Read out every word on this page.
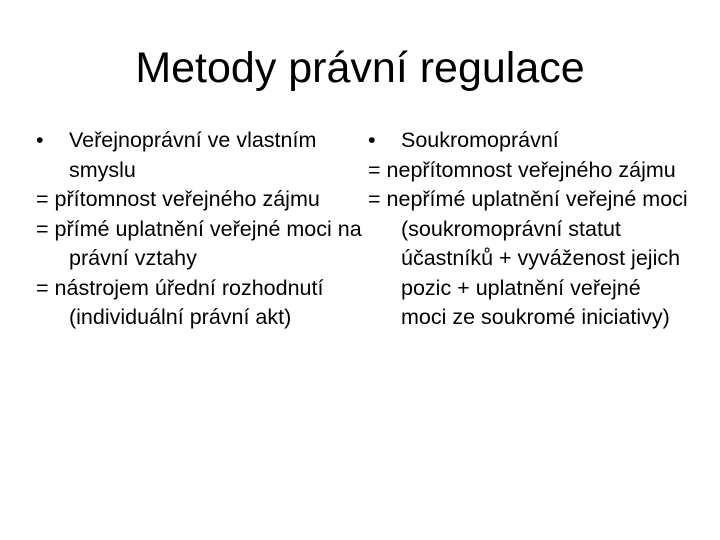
Metody právní regulace

• Veřejnoprávní ve vlastním smyslu

= přítomnost veřejného zájmu

= přímé uplatnění veřejné moci na právní vztahy

= nástrojem úřední rozhodnutí (individuální právní akt)

• Soukromoprávní

= nepřítomnost veřejného zájmu

= nepřímé uplatnění veřejné moci (soukromoprávní statut účastníků + vyváženost jejich pozic + uplatnění veřejné moci ze soukromé iniciativy)
